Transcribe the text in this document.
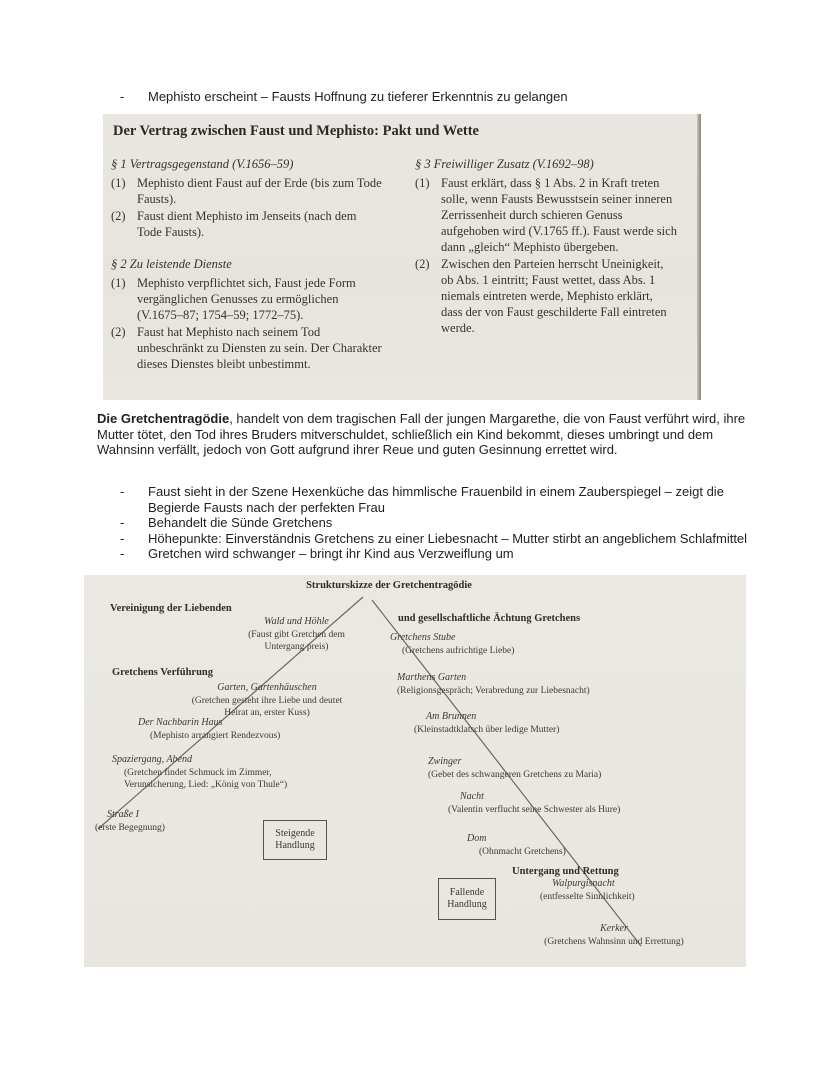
-	Mephisto erscheint – Fausts Hoffnung zu tieferer Erkenntnis zu gelangen
Der Vertrag zwischen Faust und Mephisto: Pakt und Wette
§ 1 Vertragsgegenstand (V.1656–59)
(1) Mephisto dient Faust auf der Erde (bis zum Tode Fausts).
(2) Faust dient Mephisto im Jenseits (nach dem Tode Fausts).
§ 2 Zu leistende Dienste
(1) Mephisto verpflichtet sich, Faust jede Form vergänglichen Genusses zu ermöglichen (V.1675–87; 1754–59; 1772–75).
(2) Faust hat Mephisto nach seinem Tod unbeschränkt zu Diensten zu sein. Der Charakter dieses Dienstes bleibt unbestimmt.
§ 3 Freiwilliger Zusatz (V.1692–98)
(1) Faust erklärt, dass § 1 Abs. 2 in Kraft treten solle, wenn Fausts Bewusstsein seiner inneren Zerrissenheit durch schieren Genuss aufgehoben wird (V.1765 ff.). Faust werde sich dann „gleich“ Mephisto übergeben.
(2) Zwischen den Parteien herrscht Uneinigkeit, ob Abs. 1 eintritt; Faust wettet, dass Abs. 1 niemals eintreten werde, Mephisto erklärt, dass der von Faust geschilderte Fall eintreten werde.

Die Gretchentragödie, handelt von dem tragischen Fall der jungen Margarethe, die von Faust verführt wird, ihre Mutter tötet, den Tod ihres Bruders mitverschuldet, schließlich ein Kind bekommt, dieses umbringt und dem Wahnsinn verfällt, jedoch von Gott aufgrund ihrer Reue und guten Gesinnung errettet wird.

-	Faust sieht in der Szene Hexenküche das himmlische Frauenbild in einem Zauberspiegel – zeigt die Begierde Fausts nach der perfekten Frau
-	Behandelt die Sünde Gretchens
-	Höhepunkte: Einverständnis Gretchens zu einer Liebesnacht – Mutter stirbt an angeblichem Schlafmittel
-	Gretchen wird schwanger – bringt ihr Kind aus Verzweiflung um
Strukturskizze der Gretchentragödie
Vereinigung der Liebenden
und gesellschaftliche Ächtung Gretchens
Gretchens Verführung
Untergang und Rettung
Wald und Höhle
(Faust gibt Gretchen dem Untergang preis)
Gretchens Stube
(Gretchens aufrichtige Liebe)
Marthens Garten
(Religionsgespräch; Verabredung zur Liebesnacht)
Garten, Gartenhäuschen
(Gretchen gesteht ihre Liebe und deutet Heirat an, erster Kuss)
Der Nachbarin Haus
(Mephisto arrangiert Rendezvous)
Am Brunnen
(Kleinstadtklatsch über ledige Mutter)
Zwinger
(Gebet des schwangeren Gretchens zu Maria)
Spaziergang, Abend
(Gretchen findet Schmuck im Zimmer, Verunsicherung, Lied: „König von Thule“)
Nacht
(Valentin verflucht seine Schwester als Hure)
Straße I
(erste Begegnung)
Steigende Handlung
Dom
(Ohnmacht Gretchens)
Fallende Handlung
Walpurgisnacht
(entfesselte Sinnlichkeit)
Kerker
(Gretchens Wahnsinn und Errettung)
